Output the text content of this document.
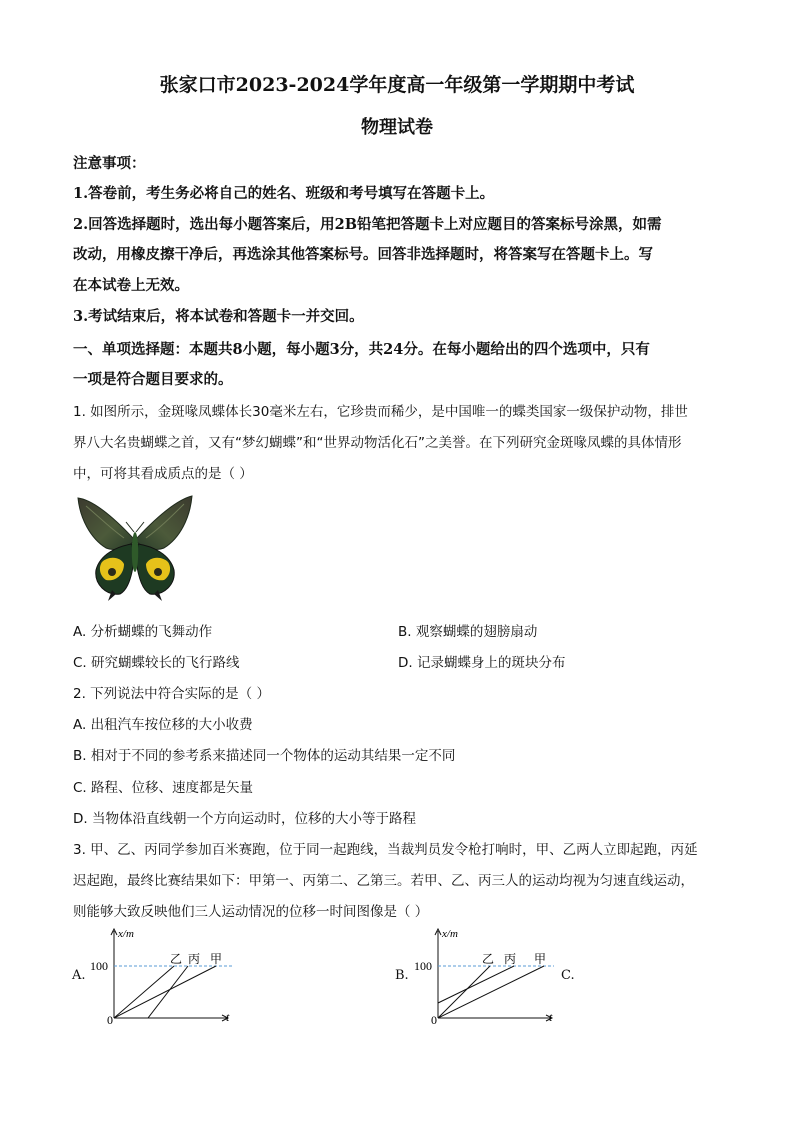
张家口市2023-2024学年度高一年级第一学期期中考试
物理试卷
注意事项：
1.答卷前，考生务必将自己的姓名、班级和考号填写在答题卡上。
2.回答选择题时，选出每小题答案后，用2B铅笔把答题卡上对应题目的答案标号涂黑，如需
改动，用橡皮擦干净后，再选涂其他答案标号。回答非选择题时，将答案写在答题卡上。写
在本试卷上无效。
3.考试结束后，将本试卷和答题卡一并交回。
一、单项选择题：本题共8小题，每小题3分，共24分。在每小题给出的四个选项中，只有
一项是符合题目要求的。
1. 如图所示，金斑喙凤蝶体长30毫米左右，它珍贵而稀少，是中国唯一的蝶类国家一级保护动物，排世
界八大名贵蝴蝶之首，又有“梦幻蝴蝶”和“世界动物活化石”之美誉。在下列研究金斑喙凤蝶的具体情形
中，可将其看成质点的是（ ）
A. 分析蝴蝶的飞舞动作	B. 观察蝴蝶的翅膀扇动
C. 研究蝴蝶较长的飞行路线	D. 记录蝴蝶身上的斑块分布
2. 下列说法中符合实际的是（ ）
A. 出租汽车按位移的大小收费
B. 相对于不同的参考系来描述同一个物体的运动其结果一定不同
C. 路程、位移、速度都是矢量
D. 当物体沿直线朝一个方向运动时，位移的大小等于路程
3. 甲、乙、丙同学参加百米赛跑，位于同一起跑线，当裁判员发令枪打响时，甲、乙两人立即起跑，丙延
迟起跑，最终比赛结果如下：甲第一、丙第二、乙第三。若甲、乙、丙三人的运动均视为匀速直线运动，
则能够大致反映他们三人运动情况的位移一时间图像是（ ）
A.
x/m
100
0	t
乙 丙 甲
B.
x/m
100
0	t
乙 丙 甲
C.
